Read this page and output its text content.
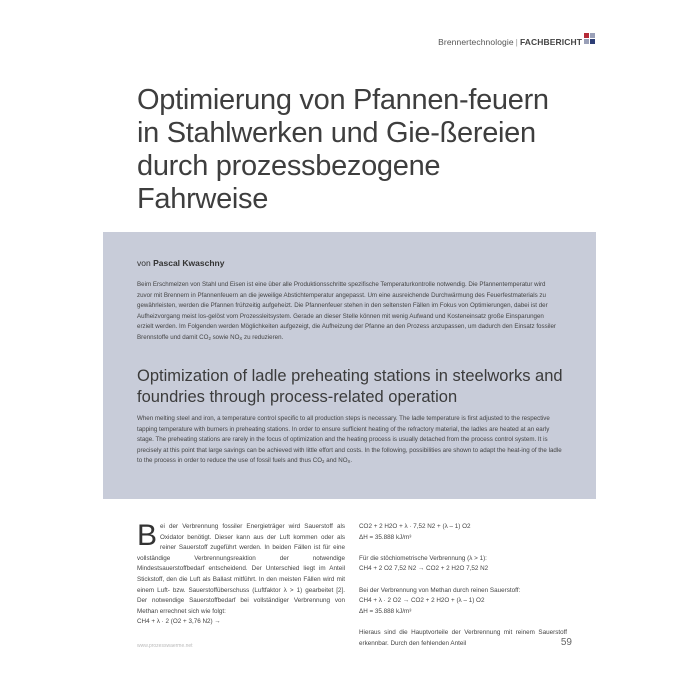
Brennertechnologie | FACHBERICHT
Optimierung von Pfannen-feuern in Stahlwerken und Gie-ßereien durch prozessbezogene Fahrweise
von Pascal Kwaschny

Beim Erschmelzen von Stahl und Eisen ist eine über alle Produktionsschritte spezifische Temperaturkontrolle notwendig. Die Pfannentemperatur wird zuvor mit Brennern in Pfannenfeuern an die jeweilige Abstichtemperatur angepasst. Um eine ausreichende Durchwärmung des Feuerfestmaterials zu gewährleisten, werden die Pfannen frühzeitig aufgeheizt. Die Pfannenfeuer stehen in den seltensten Fällen im Fokus von Optimierungen, dabei ist der Aufheizvorgang meist los-gelöst vom Prozessleitsystem. Gerade an dieser Stelle können mit wenig Aufwand und Kosteneinsatz große Einsparungen erzielt werden. Im Folgenden werden Möglichkeiten aufgezeigt, die Aufheizung der Pfanne an den Prozess anzupassen, um dadurch den Einsatz fossiler Brennstoffe und damit $CO_2$ sowie $NO_X$ zu reduzieren.

Optimization of ladle preheating stations in steelworks and foundries through process-related operation

When melting steel and iron, a temperature control specific to all production steps is necessary. The ladle temperature is first adjusted to the respective tapping temperature with burners in preheating stations. In order to ensure sufficient heating of the refractory material, the ladles are heated at an early stage. The preheating stations are rarely in the focus of optimization and the heating process is usually detached from the process control system. It is precisely at this point that large savings can be achieved with little effort and costs. In the following, possibilities are shown to adapt the heat-ing of the ladle to the process in order to reduce the use of fossil fuels and thus $CO_2$ and $NO_X$.

Bei der Verbrennung fossiler Energieträger wird Sauerstoff als Oxidator benötigt. Dieser kann aus der Luft kommen oder als reiner Sauerstoff zugeführt werden. In beiden Fällen ist für eine vollständige Verbrennungsreaktion der notwendige Mindestsauerstoffbedarf entscheidend. Der Unterschied liegt im Anteil Stickstoff, den die Luft als Ballast mitführt. In den meisten Fällen wird mit einem Luft- bzw. Sauerstoffüberschuss (Luftfaktor λ > 1) gearbeitet [2]. Der notwendige Sauerstoffbedarf bei vollständiger Verbrennung von Methan errechnet sich wie folgt:
CH4 + λ · 2 (O2 + 3,76 N2) →

CO2 + 2 H2O + λ · 7,52 N2 + (λ – 1) O2
ΔH = 35.888 kJ/m³

Für die stöchiometrische Verbrennung (λ > 1):
CH4 + 2 O2 7,52 N2 → CO2 + 2 H2O 7,52 N2

Bei der Verbrennung von Methan durch reinen Sauerstoff:
CH4 + λ · 2 O2 → CO2 + 2 H2O + (λ – 1) O2
ΔH = 35.888 kJ/m³

Hieraus sind die Hauptvorteile der Verbrennung mit reinem Sauerstoff erkennbar. Durch den fehlenden Anteil

www.prozesswaerme.net	59
